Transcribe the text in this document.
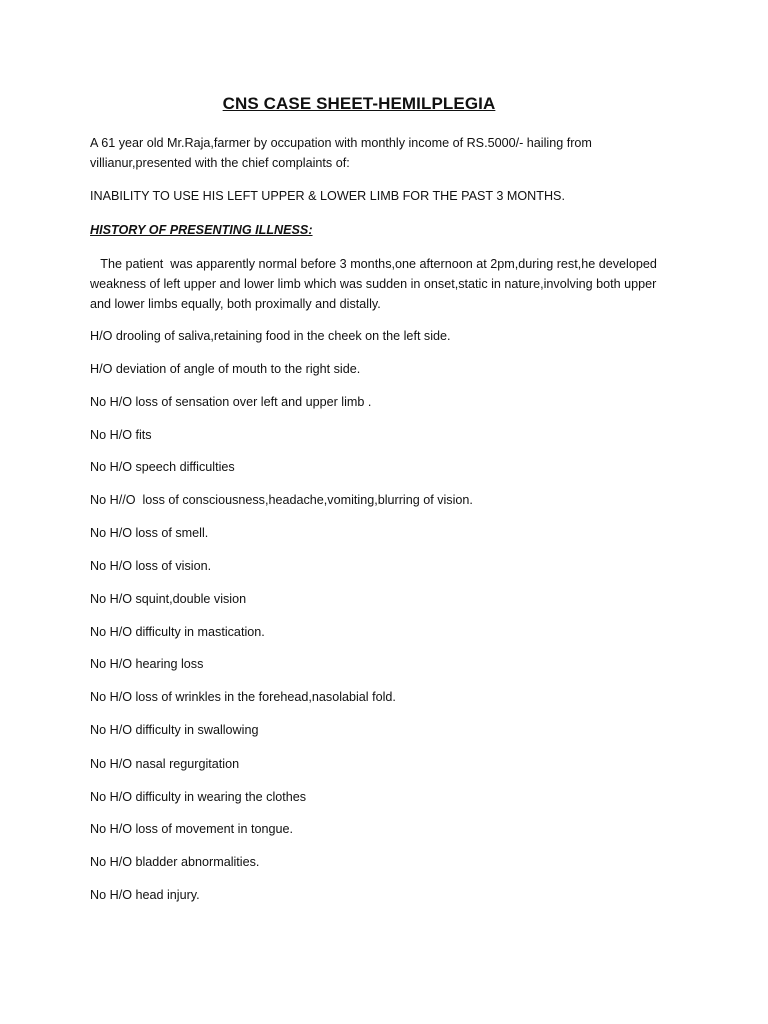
CNS CASE SHEET-HEMILPLEGIA
A 61 year old Mr.Raja,farmer by occupation with monthly income of RS.5000/- hailing from
villianur,presented with the chief complaints of:
INABILITY TO USE HIS LEFT UPPER & LOWER LIMB FOR THE PAST 3 MONTHS.
HISTORY OF PRESENTING ILLNESS:
The patient  was apparently normal before 3 months,one afternoon at 2pm,during rest,he developed
weakness of left upper and lower limb which was sudden in onset,static in nature,involving both upper
and lower limbs equally, both proximally and distally.
H/O drooling of saliva,retaining food in the cheek on the left side.
H/O deviation of angle of mouth to the right side.
No H/O loss of sensation over left and upper limb .
No H/O fits
No H/O speech difficulties
No H//O  loss of consciousness,headache,vomiting,blurring of vision.
No H/O loss of smell.
No H/O loss of vision.
No H/O squint,double vision
No H/O difficulty in mastication.
No H/O hearing loss
No H/O loss of wrinkles in the forehead,nasolabial fold.
No H/O difficulty in swallowing
No H/O nasal regurgitation
No H/O difficulty in wearing the clothes
No H/O loss of movement in tongue.
No H/O bladder abnormalities.
No H/O head injury.
